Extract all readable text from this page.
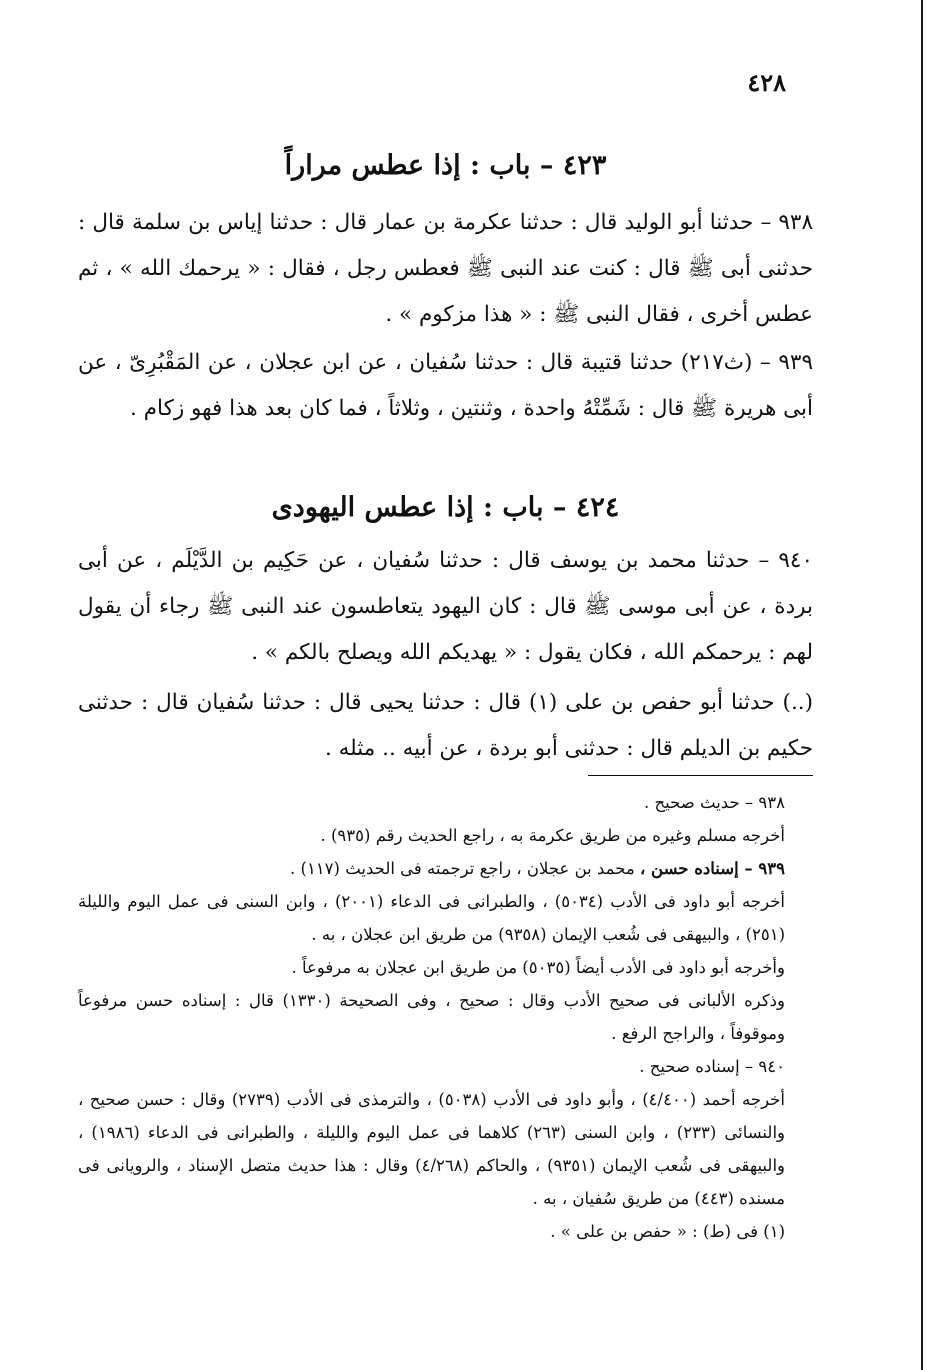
٤٢٨
٤٢٣ – باب : إذا عطس مراراً

٩٣٨ – حدثنا أبو الوليد قال : حدثنا عكرمة بن عمار قال : حدثنا إياس بن سلمة قال : حدثنى أبى ﷺ قال : كنت عند النبى ﷺ فعطس رجل ، فقال : « يرحمك الله » ، ثم عطس أخرى ، فقال النبى ﷺ : « هذا مزكوم » .

٩٣٩ – (ث٢١٧) حدثنا قتيبة قال : حدثنا سُفيان ، عن ابن عجلان ، عن المَقْبُرِىّ ، عن أبى هريرة ﷺ قال : شَمِّتْهُ واحدة ، وثنتين ، وثلاثاً ، فما كان بعد هذا فهو زكام .

٤٢٤ – باب : إذا عطس اليهودى

٩٤٠ – حدثنا محمد بن يوسف قال : حدثنا سُفيان ، عن حَكِيم بن الدَّيْلَم ، عن أبى بردة ، عن أبى موسى ﷺ قال : كان اليهود يتعاطسون عند النبى ﷺ رجاء أن يقول لهم : يرحمكم الله ، فكان يقول : « يهديكم الله ويصلح بالكم » .

(..) حدثنا أبو حفص بن على (١) قال : حدثنا يحيى قال : حدثنا سُفيان قال : حدثنى حكيم بن الديلم قال : حدثنى أبو بردة ، عن أبيه .. مثله .

٩٣٨ – حديث صحيح .

أخرجه مسلم وغيره من طريق عكرمة به ، راجع الحديث رقم (٩٣٥) .

٩٣٩ – إسناده حسن ، محمد بن عجلان ، راجع ترجمته فى الحديث (١١٧) .

أخرجه أبو داود فى الأدب (٥٠٣٤) ، والطبرانى فى الدعاء (٢٠٠١) ، وابن السنى فى عمل اليوم والليلة (٢٥١) ، والبيهقى فى شُعب الإيمان (٩٣٥٨) من طريق ابن عجلان ، به .

وأخرجه أبو داود فى الأدب أيضاً (٥٠٣٥) من طريق ابن عجلان به مرفوعاً .

وذكره الألبانى فى صحيح الأدب وقال : صحيح ، وفى الصحيحة (١٣٣٠) قال : إسناده حسن مرفوعاً وموقوفاً ، والراجح الرفع .

٩٤٠ – إسناده صحيح .

أخرجه أحمد (٤/٤٠٠) ، وأبو داود فى الأدب (٥٠٣٨) ، والترمذى فى الأدب (٢٧٣٩) وقال : حسن صحيح ، والنسائى (٢٣٣) ، وابن السنى (٢٦٣) كلاهما فى عمل اليوم والليلة ، والطبرانى فى الدعاء (١٩٨٦) ، والبيهقى فى شُعب الإيمان (٩٣٥١) ، والحاكم (٤/٢٦٨) وقال : هذا حديث متصل الإسناد ، والرويانى فى مسنده (٤٤٣) من طريق سُفيان ، به .

(١) فى (ط) : « حفص بن على » .
